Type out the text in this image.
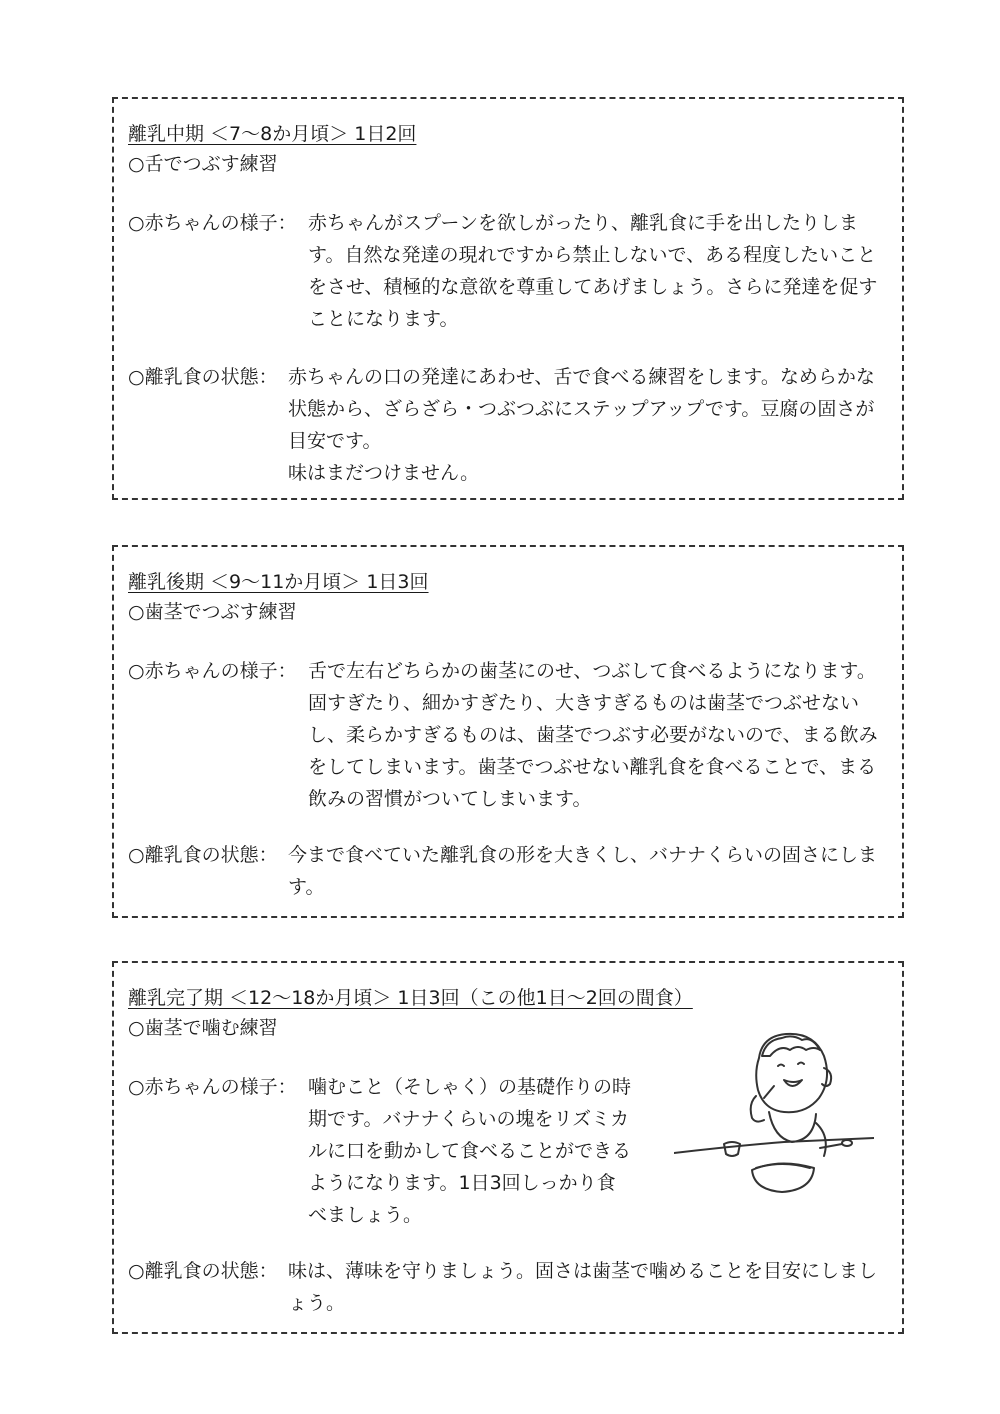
離乳中期 ＜7～8か月頃＞ 1日2回
○舌でつぶす練習
○赤ちゃんの様子： 赤ちゃんがスプーンを欲しがったり、離乳食に手を出したりします。自然な発達の現れですから禁止しないで、ある程度したいことをさせ、積極的な意欲を尊重してあげましょう。さらに発達を促すことになります。

○離乳食の状態： 赤ちゃんの口の発達にあわせ、舌で食べる練習をします。なめらかな状態から、ざらざら・つぶつぶにステップアップです。豆腐の固さが目安です。

味はまだつけません。

離乳後期 ＜9～11か月頃＞ 1日3回
○歯茎でつぶす練習
○赤ちゃんの様子： 舌で左右どちらかの歯茎にのせ、つぶして食べるようになります。固すぎたり、細かすぎたり、大きすぎるものは歯茎でつぶせないし、柔らかすぎるものは、歯茎でつぶす必要がないので、まる飲みをしてしまいます。歯茎でつぶせない離乳食を食べることで、まる飲みの習慣がついてしまいます。

○離乳食の状態： 今まで食べていた離乳食の形を大きくし、バナナくらいの固さにします。

離乳完了期 ＜12～18か月頃＞ 1日3回（この他1日～2回の間食）
○歯茎で噛む練習
○赤ちゃんの様子： 噛むこと（そしゃく）の基礎作りの時期です。バナナくらいの塊をリズミカルに口を動かして食べることができるようになります。1日3回しっかり食べましょう。

○離乳食の状態： 味は、薄味を守りましょう。固さは歯茎で噛めることを目安にしましょう。
